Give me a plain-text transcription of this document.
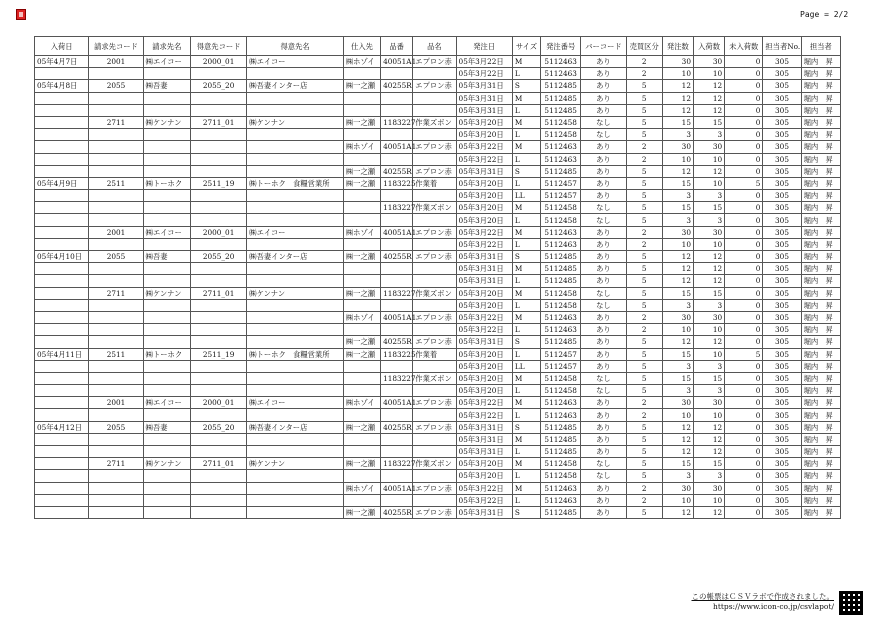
Page = 2/2
入荷日	請求先コード	請求先名	得意先コード	得意先名	仕入先	品番	品名	発注日	サイズ	発注番号	バーコード	売買区分	発注数	入荷数	未入荷数	担当者No.	担当者
05年4月7日	2001	㈱エイコー	2000_01	㈱エイコー	㈱ホゾイ	40051A1	エプロン赤	05年3月22日	M	5112463	あり	2	30	30	0	305	堀内　昇
								05年3月22日	L	5112463	あり	2	10	10	0	305	堀内　昇
05年4月8日	2055	㈱吾妻	2055_20	㈱吾妻インター店	㈱一之瀬	40255R	エプロン赤	05年3月31日	S	5112485	あり	5	12	12	0	305	堀内　昇
								05年3月31日	M	5112485	あり	5	12	12	0	305	堀内　昇
								05年3月31日	L	5112485	あり	5	12	12	0	305	堀内　昇
	2711	㈱ケンナン	2711_01	㈱ケンナン	㈱一之瀬	1183227	作業ズボン	05年3月20日	M	5112458	なし	5	15	15	0	305	堀内　昇
								05年3月20日	L	5112458	なし	5	3	3	0	305	堀内　昇
					㈱ホゾイ	40051A1	エプロン赤	05年3月22日	M	5112463	あり	2	30	30	0	305	堀内　昇
								05年3月22日	L	5112463	あり	2	10	10	0	305	堀内　昇
					㈱一之瀬	40255R	エプロン赤	05年3月31日	S	5112485	あり	5	12	12	0	305	堀内　昇
05年4月9日	2511	㈱トーホク	2511_19	㈱トーホク　食糧営業所	㈱一之瀬	1183225	作業着	05年3月20日	L	5112457	あり	5	15	10	5	305	堀内　昇
								05年3月20日	LL	5112457	あり	5	3	3	0	305	堀内　昇
						1183227	作業ズボン	05年3月20日	M	5112458	なし	5	15	15	0	305	堀内　昇
								05年3月20日	L	5112458	なし	5	3	3	0	305	堀内　昇
	2001	㈱エイコー	2000_01	㈱エイコー	㈱ホゾイ	40051A1	エプロン赤	05年3月22日	M	5112463	あり	2	30	30	0	305	堀内　昇
								05年3月22日	L	5112463	あり	2	10	10	0	305	堀内　昇
05年4月10日	2055	㈱吾妻	2055_20	㈱吾妻インター店	㈱一之瀬	40255R	エプロン赤	05年3月31日	S	5112485	あり	5	12	12	0	305	堀内　昇
								05年3月31日	M	5112485	あり	5	12	12	0	305	堀内　昇
								05年3月31日	L	5112485	あり	5	12	12	0	305	堀内　昇
	2711	㈱ケンナン	2711_01	㈱ケンナン	㈱一之瀬	1183227	作業ズボン	05年3月20日	M	5112458	なし	5	15	15	0	305	堀内　昇
								05年3月20日	L	5112458	なし	5	3	3	0	305	堀内　昇
					㈱ホゾイ	40051A1	エプロン赤	05年3月22日	M	5112463	あり	2	30	30	0	305	堀内　昇
								05年3月22日	L	5112463	あり	2	10	10	0	305	堀内　昇
					㈱一之瀬	40255R	エプロン赤	05年3月31日	S	5112485	あり	5	12	12	0	305	堀内　昇
05年4月11日	2511	㈱トーホク	2511_19	㈱トーホク　食糧営業所	㈱一之瀬	1183225	作業着	05年3月20日	L	5112457	あり	5	15	10	5	305	堀内　昇
								05年3月20日	LL	5112457	あり	5	3	3	0	305	堀内　昇
						1183227	作業ズボン	05年3月20日	M	5112458	なし	5	15	15	0	305	堀内　昇
								05年3月20日	L	5112458	なし	5	3	3	0	305	堀内　昇
	2001	㈱エイコー	2000_01	㈱エイコー	㈱ホゾイ	40051A1	エプロン赤	05年3月22日	M	5112463	あり	2	30	30	0	305	堀内　昇
								05年3月22日	L	5112463	あり	2	10	10	0	305	堀内　昇
05年4月12日	2055	㈱吾妻	2055_20	㈱吾妻インター店	㈱一之瀬	40255R	エプロン赤	05年3月31日	S	5112485	あり	5	12	12	0	305	堀内　昇
								05年3月31日	M	5112485	あり	5	12	12	0	305	堀内　昇
								05年3月31日	L	5112485	あり	5	12	12	0	305	堀内　昇
	2711	㈱ケンナン	2711_01	㈱ケンナン	㈱一之瀬	1183227	作業ズボン	05年3月20日	M	5112458	なし	5	15	15	0	305	堀内　昇
								05年3月20日	L	5112458	なし	5	3	3	0	305	堀内　昇
					㈱ホゾイ	40051A1	エプロン赤	05年3月22日	M	5112463	あり	2	30	30	0	305	堀内　昇
								05年3月22日	L	5112463	あり	2	10	10	0	305	堀内　昇
					㈱一之瀬	40255R	エプロン赤	05年3月31日	S	5112485	あり	5	12	12	0	305	堀内　昇
この帳票はＣＳＶラボで作成されました。
https://www.icon-co.jp/csvlapot/
